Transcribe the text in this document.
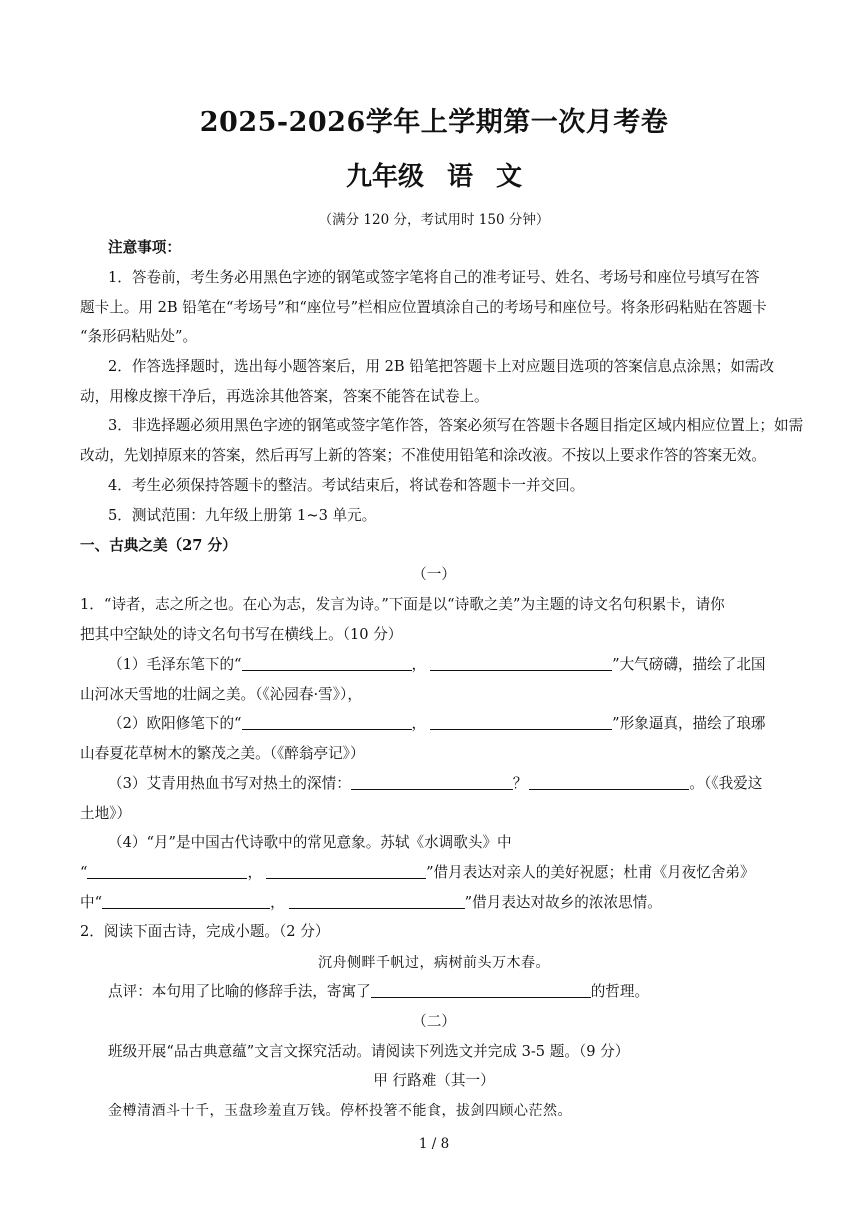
2025-2026学年上学期第一次月考卷
九年级 语 文
（满分 120 分，考试用时 150 分钟）
注意事项：
1．答卷前，考生务必用黑色字迹的钢笔或签字笔将自己的准考证号、姓名、考场号和座位号填写在答
题卡上。用 2B 铅笔在“考场号”和“座位号”栏相应位置填涂自己的考场号和座位号。将条形码粘贴在答题卡
“条形码粘贴处”。
2．作答选择题时，选出每小题答案后，用 2B 铅笔把答题卡上对应题目选项的答案信息点涂黑；如需改
动，用橡皮擦干净后，再选涂其他答案，答案不能答在试卷上。
3．非选择题必须用黑色字迹的钢笔或签字笔作答，答案必须写在答题卡各题目指定区域内相应位置上；如需
改动，先划掉原来的答案，然后再写上新的答案；不准使用铅笔和涂改液。不按以上要求作答的答案无效。
4．考生必须保持答题卡的整洁。考试结束后，将试卷和答题卡一并交回。
5．测试范围：九年级上册第 1~3 单元。
一、古典之美（27 分）
（一）
1．“诗者，志之所之也。在心为志，发言为诗。”下面是以“诗歌之美”为主题的诗文名句积累卡，请你
把其中空缺处的诗文名句书写在横线上。（10 分）
（1）毛泽东笔下的“	，	”大气磅礴，描绘了北国
山河冰天雪地的壮阔之美。（《沁园春·雪》），
（2）欧阳修笔下的“	，	”形象逼真，描绘了琅琊
山春夏花草树木的繁茂之美。（《醉翁亭记》）
（3）艾青用热血书写对热土的深情：	？	。（《我爱这
土地》）
（4）“月”是中国古代诗歌中的常见意象。苏轼《水调歌头》中
“	，	”借月表达对亲人的美好祝愿；杜甫《月夜忆舍弟》
中“	，	”借月表达对故乡的浓浓思情。
2．阅读下面古诗，完成小题。（2 分）
沉舟侧畔千帆过，病树前头万木春。
点评：本句用了比喻的修辞手法，寄寓了	的哲理。
（二）
班级开展“品古典意蕴”文言文探究活动。请阅读下列选文并完成 3-5 题。（9 分）
甲 行路难（其一）
金樽清酒斗十千，玉盘珍羞直万钱。停杯投箸不能食，拔剑四顾心茫然。
1 / 8
